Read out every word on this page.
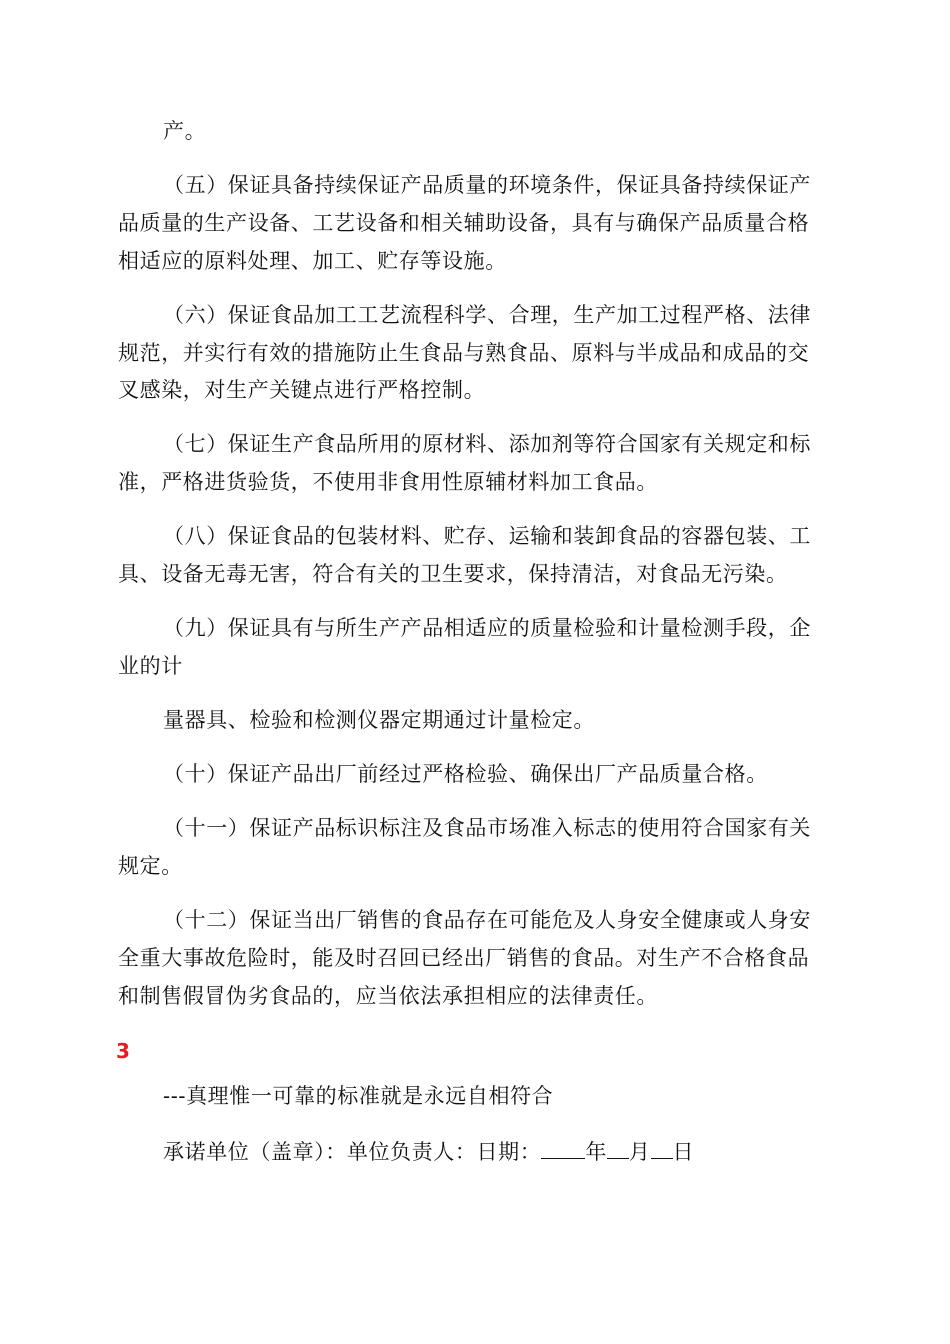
产。
（五）保证具备持续保证产品质量的环境条件，保证具备持续保证产
品质量的生产设备、工艺设备和相关辅助设备，具有与确保产品质量合格
相适应的原料处理、加工、贮存等设施。
（六）保证食品加工工艺流程科学、合理，生产加工过程严格、法律
规范，并实行有效的措施防止生食品与熟食品、原料与半成品和成品的交
叉感染，对生产关键点进行严格控制。
（七）保证生产食品所用的原材料、添加剂等符合国家有关规定和标
准，严格进货验货，不使用非食用性原辅材料加工食品。
（八）保证食品的包装材料、贮存、运输和装卸食品的容器包装、工
具、设备无毒无害，符合有关的卫生要求，保持清洁，对食品无污染。
（九）保证具有与所生产产品相适应的质量检验和计量检测手段，企
业的计
量器具、检验和检测仪器定期通过计量检定。
（十）保证产品出厂前经过严格检验、确保出厂产品质量合格。
（十一）保证产品标识标注及食品市场准入标志的使用符合国家有关
规定。
（十二）保证当出厂销售的食品存在可能危及人身安全健康或人身安
全重大事故危险时，能及时召回已经出厂销售的食品。对生产不合格食品
和制售假冒伪劣食品的，应当依法承担相应的法律责任。
3
---真理惟一可靠的标准就是永远自相符合
承诺单位（盖章）：单位负责人：日期： 年 月 日
